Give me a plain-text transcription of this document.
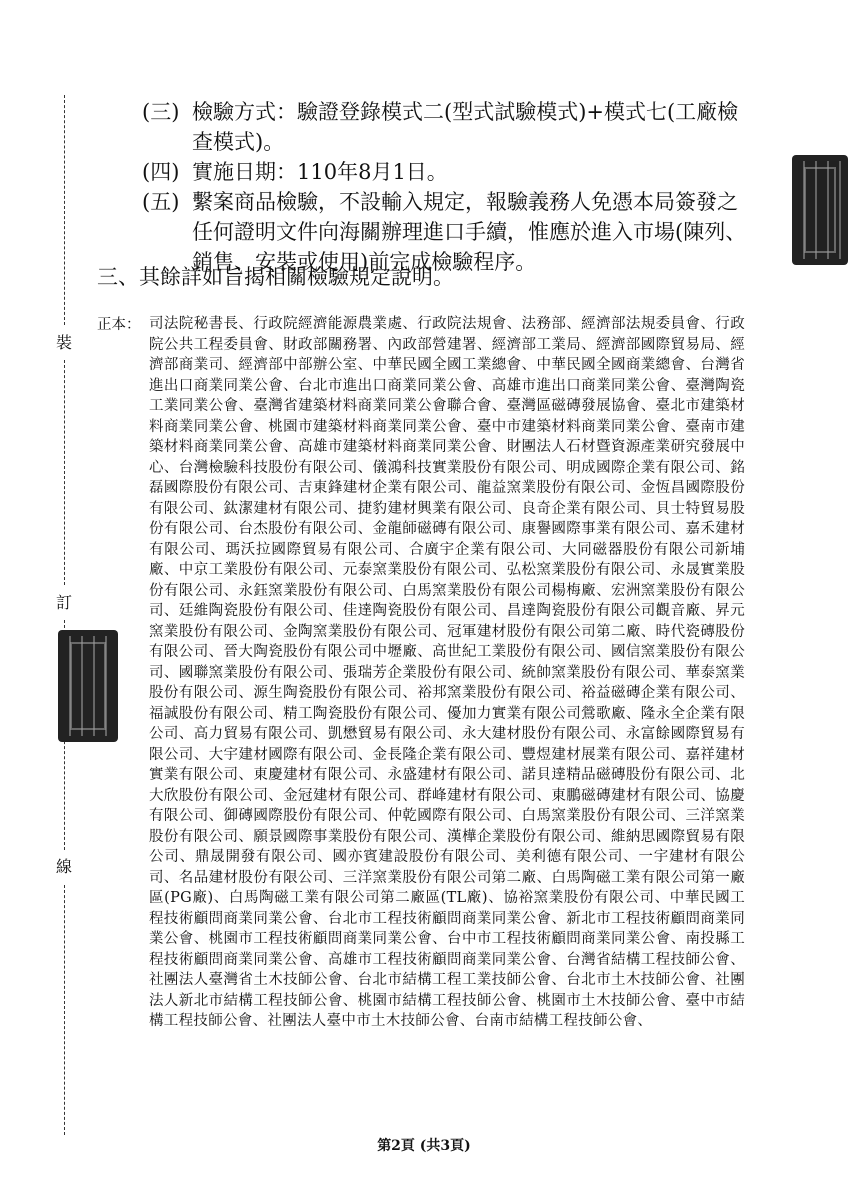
裝
訂
線
(三) 檢驗方式：驗證登錄模式二(型式試驗模式)+模式七(工廠檢查模式)。
(四) 實施日期：110年8月1日。
(五) 繫案商品檢驗，不設輸入規定，報驗義務人免憑本局簽發之任何證明文件向海關辦理進口手續，惟應於進入市場(陳列、銷售、安裝或使用)前完成檢驗程序。
三、其餘詳如旨揭相關檢驗規定說明。
正本： 司法院秘書長、行政院經濟能源農業處、行政院法規會、法務部、經濟部法規委員會、行政院公共工程委員會、財政部關務署、內政部營建署、經濟部工業局、經濟部國際貿易局、經濟部商業司、經濟部中部辦公室、中華民國全國工業總會、中華民國全國商業總會、台灣省進出口商業同業公會、台北市進出口商業同業公會、高雄市進出口商業同業公會、臺灣陶瓷工業同業公會、臺灣省建築材料商業同業公會聯合會、臺灣區磁磚發展協會、臺北市建築材料商業同業公會、桃園市建築材料商業同業公會、臺中市建築材料商業同業公會、臺南市建築材料商業同業公會、高雄市建築材料商業同業公會、財團法人石材暨資源產業研究發展中心、台灣檢驗科技股份有限公司、儀鴻科技實業股份有限公司、明成國際企業有限公司、銘磊國際股份有限公司、吉東鋒建材企業有限公司、龍益窯業股份有限公司、金恆昌國際股份有限公司、鈦潔建材有限公司、捷豹建材興業有限公司、良奇企業有限公司、貝士特貿易股份有限公司、台杰股份有限公司、金龍師磁磚有限公司、康譽國際事業有限公司、嘉禾建材有限公司、瑪沃拉國際貿易有限公司、合廣宇企業有限公司、大同磁器股份有限公司新埔廠、中京工業股份有限公司、元泰窯業股份有限公司、弘松窯業股份有限公司、永晟實業股份有限公司、永鈺窯業股份有限公司、白馬窯業股份有限公司楊梅廠、宏洲窯業股份有限公司、廷維陶瓷股份有限公司、佳達陶瓷股份有限公司、昌達陶瓷股份有限公司觀音廠、昇元窯業股份有限公司、金陶窯業股份有限公司、冠軍建材股份有限公司第二廠、時代瓷磚股份有限公司、晉大陶瓷股份有限公司中壢廠、高世紀工業股份有限公司、國信窯業股份有限公司、國聯窯業股份有限公司、張瑞芳企業股份有限公司、統帥窯業股份有限公司、華泰窯業股份有限公司、源生陶瓷股份有限公司、裕邦窯業股份有限公司、裕益磁磚企業有限公司、福誠股份有限公司、精工陶瓷股份有限公司、優加力實業有限公司鶯歌廠、隆永全企業有限公司、高力貿易有限公司、凱懋貿易有限公司、永大建材股份有限公司、永富餘國際貿易有限公司、大宇建材國際有限公司、金長隆企業有限公司、豐煜建材展業有限公司、嘉祥建材實業有限公司、東慶建材有限公司、永盛建材有限公司、諾貝達精品磁磚股份有限公司、北大欣股份有限公司、金冠建材有限公司、群峰建材有限公司、東鵬磁磚建材有限公司、協慶有限公司、御磚國際股份有限公司、仲乾國際有限公司、白馬窯業股份有限公司、三洋窯業股份有限公司、願景國際事業股份有限公司、漢樺企業股份有限公司、維納思國際貿易有限公司、鼎晟開發有限公司、國亦賓建設股份有限公司、美利德有限公司、一宇建材有限公司、名品建材股份有限公司、三洋窯業股份有限公司第二廠、白馬陶磁工業有限公司第一廠區(PG廠)、白馬陶磁工業有限公司第二廠區(TL廠)、協裕窯業股份有限公司、中華民國工程技術顧問商業同業公會、台北市工程技術顧問商業同業公會、新北市工程技術顧問商業同業公會、桃園市工程技術顧問商業同業公會、台中市工程技術顧問商業同業公會、南投縣工程技術顧問商業同業公會、高雄市工程技術顧問商業同業公會、台灣省結構工程技師公會、社團法人臺灣省土木技師公會、台北市結構工程工業技師公會、台北市土木技師公會、社團法人新北市結構工程技師公會、桃園市結構工程技師公會、桃園市土木技師公會、臺中市結構工程技師公會、社團法人臺中市土木技師公會、台南市結構工程技師公會、
第2頁 (共3頁)
